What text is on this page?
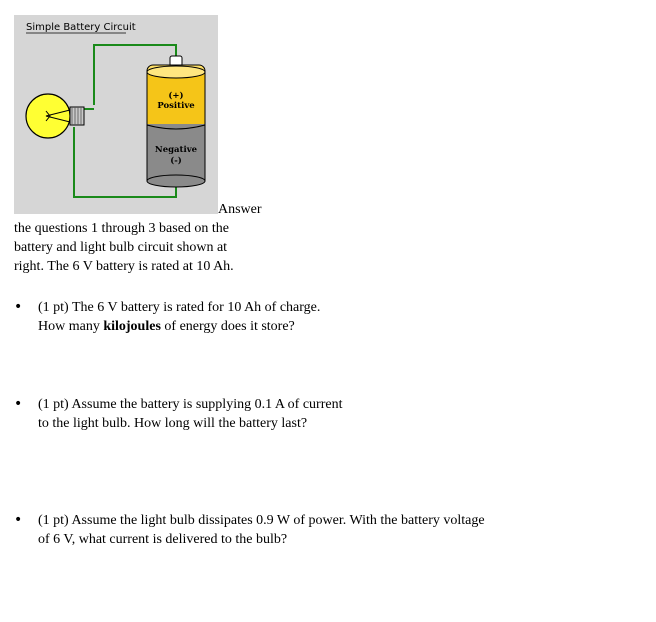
Simple Battery Circuit
(+)
Positive
Negative
(-)
Answer
the questions 1 through 3 based on the
battery and light bulb circuit shown at
right. The 6 V battery is rated at 10 Ah.
(1 pt) The 6 V battery is rated for 10 Ah of charge.
How many kilojoules of energy does it store?
(1 pt) Assume the battery is supplying 0.1 A of current
to the light bulb. How long will the battery last?
(1 pt) Assume the light bulb dissipates 0.9 W of power. With the battery voltage
of 6 V, what current is delivered to the bulb?
